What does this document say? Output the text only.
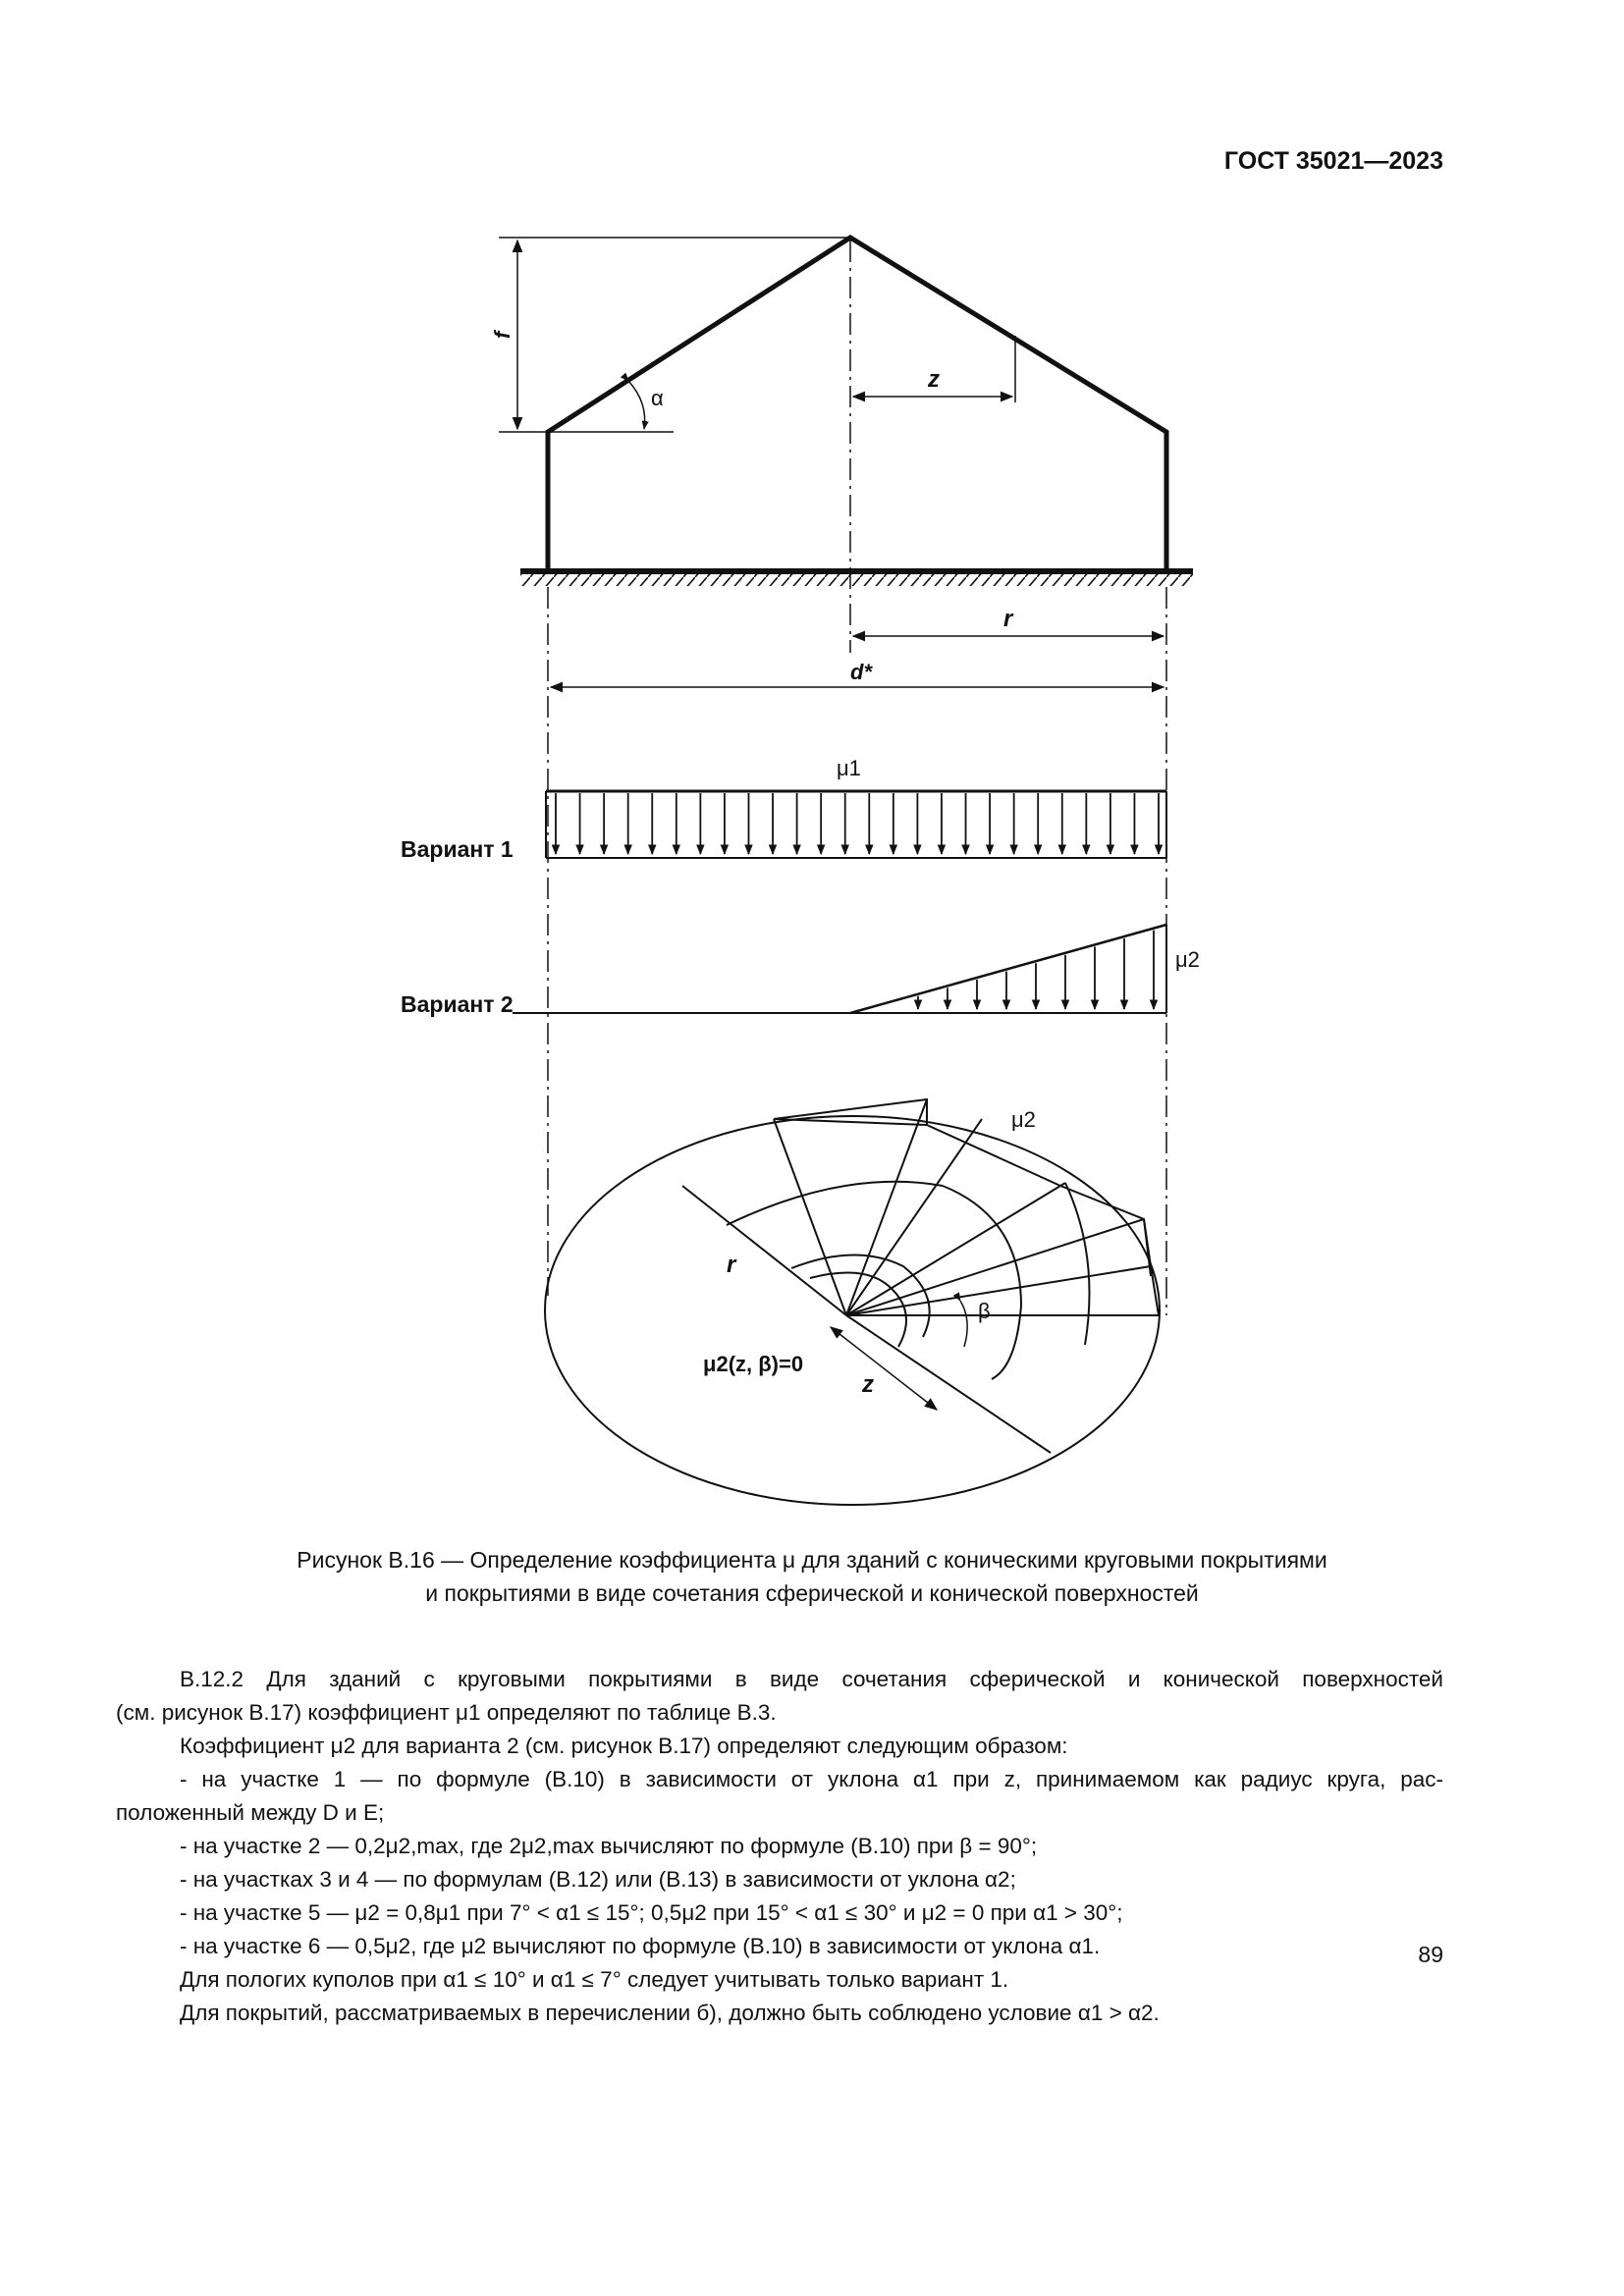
ГОСТ 35021—2023
f
α
z
r
d*
μ1
Вариант 1
μ2
Вариант 2
μ2
r
β
z
μ2(z, β)=0
Рисунок В.16 — Определение коэффициента μ для зданий с коническими круговыми покрытиями
и покрытиями в виде сочетания сферической и конической поверхностей

В.12.2 Для зданий с круговыми покрытиями в виде сочетания сферической и конической поверхностей

(см. рисунок В.17) коэффициент μ1 определяют по таблице В.3.

Коэффициент μ2 для варианта 2 (см. рисунок В.17) определяют следующим образом:

- на участке 1 — по формуле (В.10) в зависимости от уклона α1 при z, принимаемом как радиус круга, рас-

положенный между D и E;

- на участке 2 — 0,2μ2,max, где 2μ2,max вычисляют по формуле (В.10) при β = 90°;

- на участках 3 и 4 — по формулам (В.12) или (В.13) в зависимости от уклона α2;

- на участке 5 — μ2 = 0,8μ1 при 7° < α1 ≤ 15°; 0,5μ2 при 15° < α1 ≤ 30° и μ2 = 0 при α1 > 30°;

- на участке 6 — 0,5μ2, где μ2 вычисляют по формуле (В.10) в зависимости от уклона α1.

Для пологих куполов при α1 ≤ 10° и α1 ≤ 7° следует учитывать только вариант 1.

Для покрытий, рассматриваемых в перечислении б), должно быть соблюдено условие α1 > α2.

89
